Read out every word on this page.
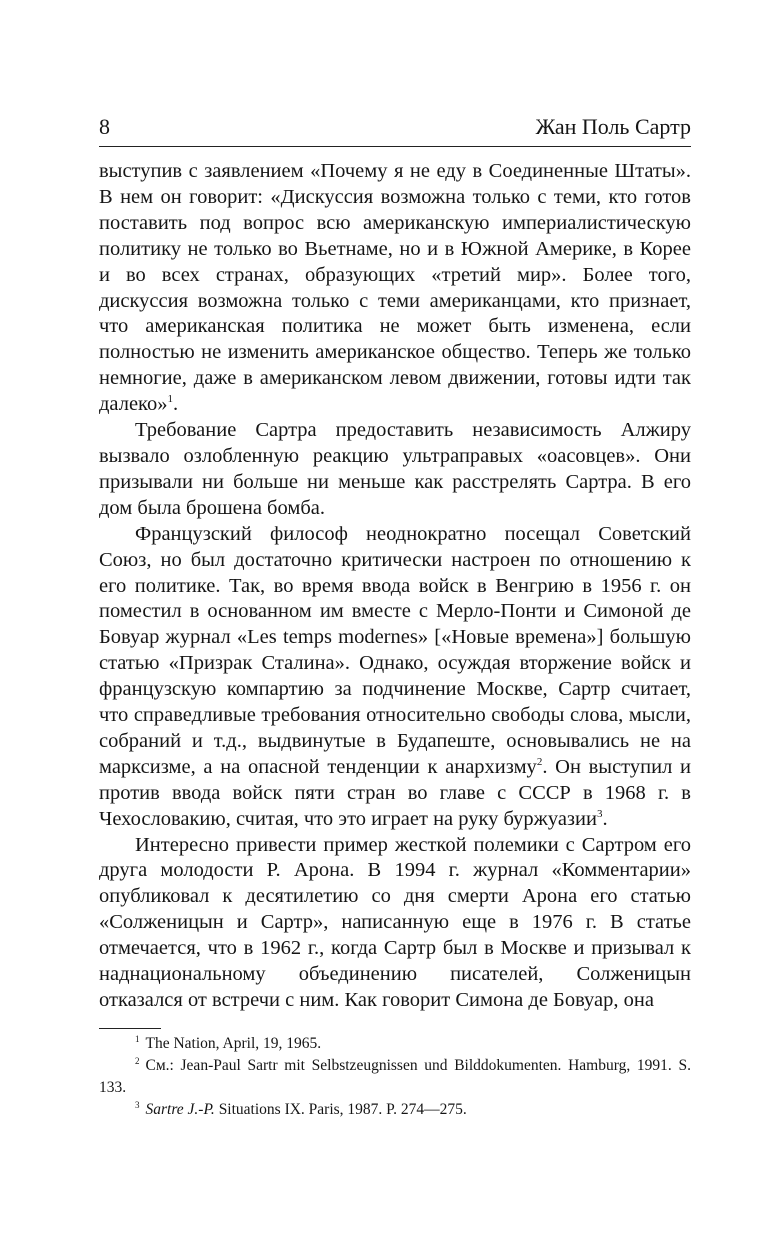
8	Жан Поль Сартр

выступив с заявлением «Почему я не еду в Соединенные Штаты». В нем он говорит: «Дискуссия возможна только с теми, кто готов поставить под вопрос всю американскую империалистическую политику не только во Вьетнаме, но и в Южной Америке, в Корее и во всех странах, образующих «третий мир». Более того, дискуссия возможна только с теми американцами, кто признает, что американская политика не может быть изменена, если полностью не изменить американское общество. Теперь же только немногие, даже в американском левом движении, готовы идти так далеко»$^1$.

Требование Сартра предоставить независимость Алжиру вызвало озлобленную реакцию ультраправых «оасовцев». Они призывали ни больше ни меньше как расстрелять Сартра. В его дом была брошена бомба.

Французский философ неоднократно посещал Советский Союз, но был достаточно критически настроен по отношению к его политике. Так, во время ввода войск в Венгрию в 1956 г. он поместил в основанном им вместе с Мерло-Понти и Симоной де Бовуар журнал «Les temps modernes» [«Новые времена»] большую статью «Призрак Сталина». Однако, осуждая вторжение войск и французскую компартию за подчинение Москве, Сартр считает, что справедливые требования относительно свободы слова, мысли, собраний и т.д., выдвинутые в Будапеште, основывались не на марксизме, а на опасной тенденции к анархизму$^2$. Он выступил и против ввода войск пяти стран во главе с СССР в 1968 г. в Чехословакию, считая, что это играет на руку буржуазии$^3$.

Интересно привести пример жесткой полемики с Сартром его друга молодости Р. Арона. В 1994 г. журнал «Комментарии» опубликовал к десятилетию со дня смерти Арона его статью «Солженицын и Сартр», написанную еще в 1976 г. В статье отмечается, что в 1962 г., когда Сартр был в Москве и призывал к наднациональному объединению писателей, Солженицын отказался от встречи с ним. Как говорит Симона де Бовуар, она

$^1$ The Nation, April, 19, 1965.

$^2$ См.: Jean-Paul Sartr mit Selbstzeugnissen und Bilddokumenten. Hamburg, 1991. S. 133.

$^3$ Sartre J.-P. Situations IX. Paris, 1987. P. 274—275.
